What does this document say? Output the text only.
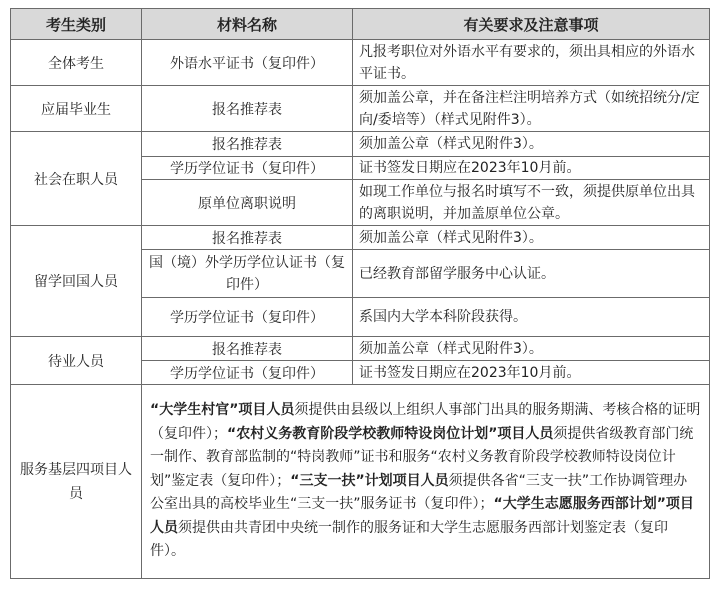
考生类别	材料名称	有关要求及注意事项
全体考生	外语水平证书（复印件）	凡报考职位对外语水平有要求的，须出具相应的外语水平证书。
应届毕业生	报名推荐表	须加盖公章，并在备注栏注明培养方式（如统招统分/定向/委培等）（样式见附件3）。
社会在职人员	报名推荐表	须加盖公章（样式见附件3）。
	学历学位证书（复印件）	证书签发日期应在2023年10月前。
	原单位离职说明	如现工作单位与报名时填写不一致，须提供原单位出具的离职说明，并加盖原单位公章。
留学回国人员	报名推荐表	须加盖公章（样式见附件3）。
	国（境）外学历学位认证书（复印件）	已经教育部留学服务中心认证。
	学历学位证书（复印件）	系国内大学本科阶段获得。
待业人员	报名推荐表	须加盖公章（样式见附件3）。
	学历学位证书（复印件）	证书签发日期应在2023年10月前。
服务基层四项目人员	“大学生村官”项目人员须提供由县级以上组织人事部门出具的服务期满、考核合格的证明（复印件）；“农村义务教育阶段学校教师特设岗位计划”项目人员须提供省级教育部门统一制作、教育部监制的“特岗教师”证书和服务“农村义务教育阶段学校教师特设岗位计划”鉴定表（复印件）；“三支一扶”计划项目人员须提供各省“三支一扶”工作协调管理办公室出具的高校毕业生“三支一扶”服务证书（复印件）；“大学生志愿服务西部计划”项目人员须提供由共青团中央统一制作的服务证和大学生志愿服务西部计划鉴定表（复印件）。	
